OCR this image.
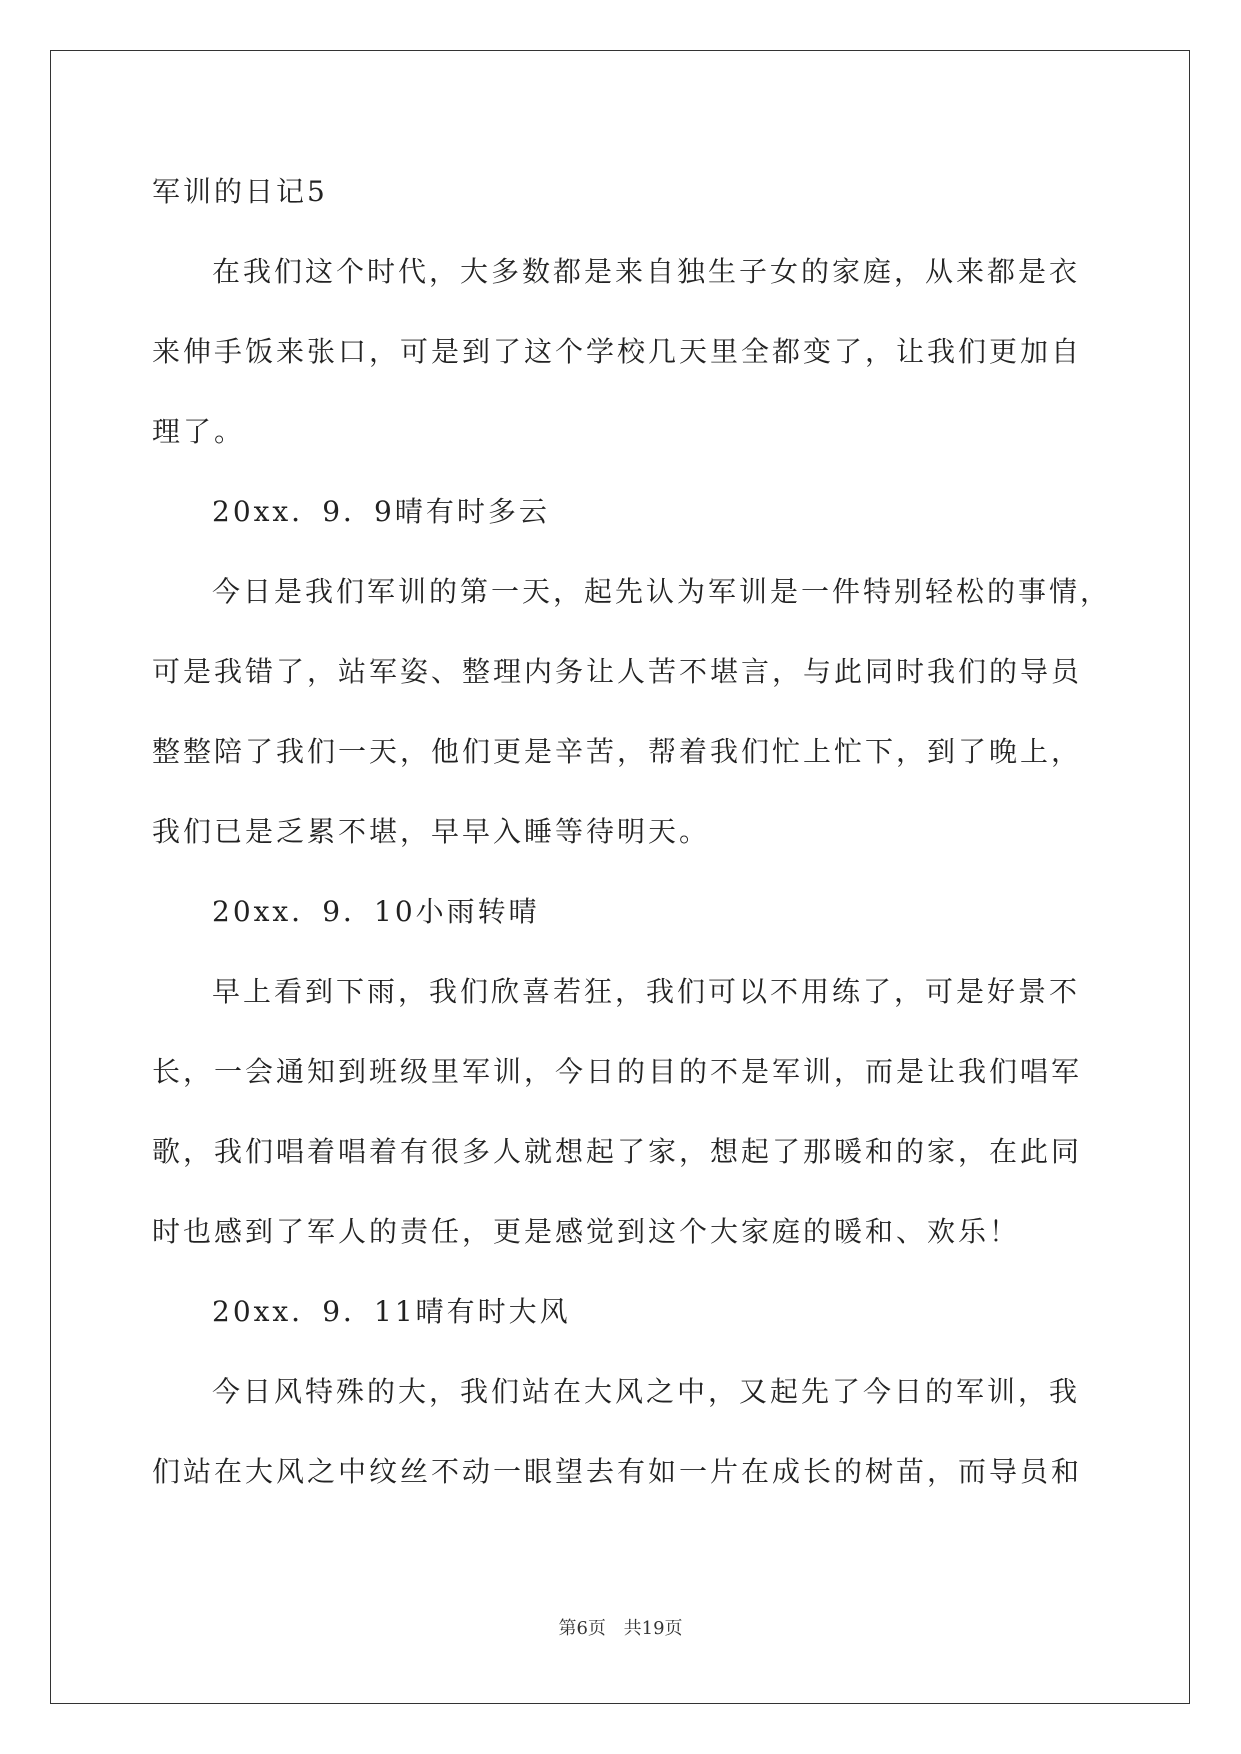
军训的日记5
在我们这个时代，大多数都是来自独生子女的家庭，从来都是衣
来伸手饭来张口，可是到了这个学校几天里全都变了，让我们更加自
理了。
20xx．9．9晴有时多云
今日是我们军训的第一天，起先认为军训是一件特别轻松的事情，
可是我错了，站军姿、整理内务让人苦不堪言，与此同时我们的导员
整整陪了我们一天，他们更是辛苦，帮着我们忙上忙下，到了晚上，
我们已是乏累不堪，早早入睡等待明天。
20xx．9．10小雨转晴
早上看到下雨，我们欣喜若狂，我们可以不用练了，可是好景不
长，一会通知到班级里军训，今日的目的不是军训，而是让我们唱军
歌，我们唱着唱着有很多人就想起了家，想起了那暖和的家，在此同
时也感到了军人的责任，更是感觉到这个大家庭的暖和、欢乐！
20xx．9．11晴有时大风
今日风特殊的大，我们站在大风之中，又起先了今日的军训，我
们站在大风之中纹丝不动一眼望去有如一片在成长的树苗，而导员和
第6页 共19页
